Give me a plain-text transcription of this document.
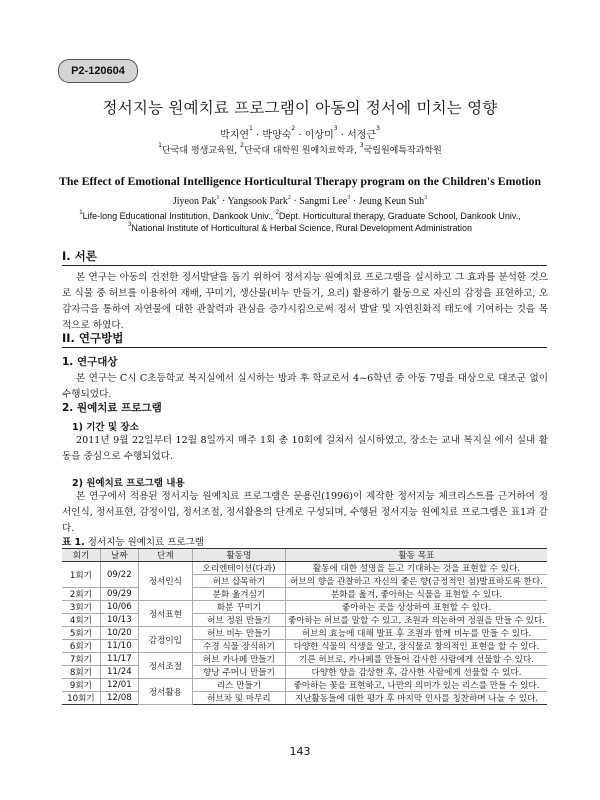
P2-120604
정서지능 원예치료 프로그램이 아동의 정서에 미치는 영향
박지연$^1$ · 박양숙$^2$ · 이상미$^3$ · 서정근$^3$
$^1$단국대 평생교육원, $^2$단국대 대학원 원예치료학과, $^3$국립원예특작과학원
The Effect of Emotional Intelligence Horticultural Therapy program on the Children's Emotion
Jiyeon Pak$^1$ · Yangsook Park$^2$ · Sangmi Lee$^3$ · Jeung Keun Suh$^3$
$^1$Life-long Educational Institution, Dankook Univ., $^2$Dept. Horticultural therapy, Graduate School, Dankook Univ.,
$^3$National Institute of Horticultural & Herbal Science, Rural Development Administration
I. 서론
본 연구는 아동의 건전한 정서발달을 돕기 위하여 정서지능 원예치료 프로그램을 실시하고 그 효과를 분석한 것으로 식물 중 허브를 이용하여 재배, 꾸미기, 생산물(비누 만들기, 요리) 활용하기 활동으로 자신의 감정을 표현하고, 오감자극을 통하여 자연물에 대한 관찰력과 관심을 증가시킴으로써 정서 발달 및 자연친화적 태도에 기여하는 것을 목적으로 하였다.
II. 연구방법
1. 연구대상
본 연구는 C시 C초등학교 복지실에서 실시하는 방과 후 학교로서 4~6학년 중 아동 7명을 대상으로 대조군 없이 수행되었다.
2. 원예치료 프로그램
1) 기간 및 장소
2011년 9월 22일부터 12월 8일까지 매주 1회 총 10회에 걸쳐서 실시하였고, 장소는 교내 복지실 에서 실내 활동을 중심으로 수행되었다.
2) 원예치료 프로그램 내용
본 연구에서 적용된 정서지능 원예치료 프로그램은 문용린(1996)이 제작한 정서지능 체크리스트를 근거하여 정서인식, 정서표현, 감정이입, 정서조절, 정서활용의 단계로 구성되며, 수행된 정서지능 원예치료 프로그램은 표1과 같다.
표 1. 정서지능 원예치료 프로그램
회기	날짜	단계	활동명	활동 목표
1회기	09/22	정서인식	오리엔테이션(다과)	활동에 대한 설명을 듣고 기대하는 것을 표현할 수 있다.
			허브 삽목하기	허브의 향을 관찰하고 자신의 좋은 향(긍정적인 점)발표하도록 한다.
2회기	09/29		분화 옮겨심기	분화를 옮겨, 좋아하는 식물을 표현할 수 있다.
3회기	10/06	정서표현	화분 꾸미기	좋아하는 곳을 상상하여 표현할 수 있다.
4회기	10/13		허브 정원 만들기	좋아하는 허브를 말할 수 있고, 조원과 의논하여 정원을 만들 수 있다.
5회기	10/20	감정이입	허브 비누 만들기	허브의 효능에 대해 발표 후 조원과 함께 비누를 만들 수 있다.
6회기	11/10		수경 식물 장식하기	다양한 식물의 식생을 알고, 장식물로 창의적인 표현을 할 수 있다.
7회기	11/17	정서조절	허브 카나페 만들기	기른 허브로, 카나페를 만들어 감사한 사람에게 선물할 수 있다.
8회기	11/24		향낭 주머니 만들기	다양한 향을 감상한 후, 감사한 사람에게 선물할 수 있다.
9회기	12/01	정서활용	리스 만들기	좋아하는 꽃을 표현하고, 나만의 의미가 있는 리스를 만들 수 있다.
10회기	12/08		허브차 및 마무리	지난활동들에 대한 평가 후 마지막 인사를 칭찬하며 나눌 수 있다.
143
